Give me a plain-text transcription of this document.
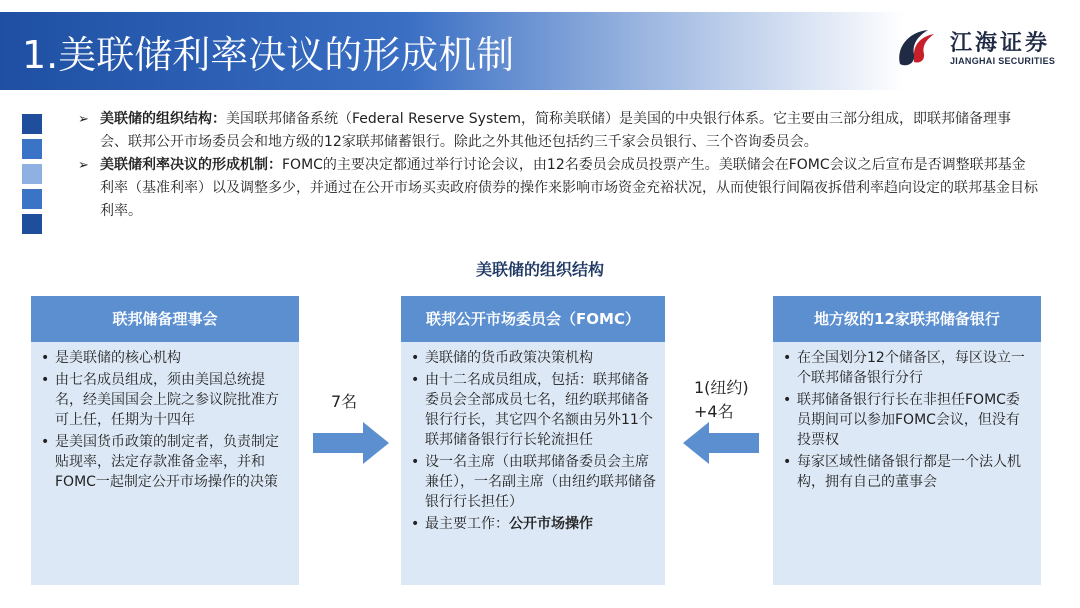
1.美联储利率决议的形成机制	江海证券
JIANGHAI SECURITIES
➢ 美联储的组织结构：美国联邦储备系统（Federal Reserve System，简称美联储）是美国的中央银行体系。它主要由三部分组成，即联邦储备理事会、联邦公开市场委员会和地方级的12家联邦储蓄银行。除此之外其他还包括约三千家会员银行、三个咨询委员会。
➢ 美联储利率决议的形成机制：FOMC的主要决定都通过举行讨论会议，由12名委员会成员投票产生。美联储会在FOMC会议之后宣布是否调整联邦基金利率（基准利率）以及调整多少，并通过在公开市场买卖政府债券的操作来影响市场资金充裕状况，从而使银行间隔夜拆借利率趋向设定的联邦基金目标利率。
美联储的组织结构
联邦储备理事会
• 是美联储的核心机构
• 由七名成员组成，须由美国总统提名，经美国国会上院之参议院批准方可上任，任期为十四年
• 是美国货币政策的制定者，负责制定贴现率，法定存款准备金率，并和FOMC一起制定公开市场操作的决策
联邦公开市场委员会（FOMC）
• 美联储的货币政策决策机构
• 由十二名成员组成，包括：联邦储备委员会全部成员七名，纽约联邦储备银行行长，其它四个名额由另外11个联邦储备银行行长轮流担任
• 设一名主席（由联邦储备委员会主席兼任），一名副主席（由纽约联邦储备银行行长担任）
• 最主要工作：公开市场操作
地方级的12家联邦储备银行
• 在全国划分12个储备区，每区设立一个联邦储备银行分行
• 联邦储备银行行长在非担任FOMC委员期间可以参加FOMC会议，但没有投票权
• 每家区域性储备银行都是一个法人机构，拥有自己的董事会
7名
1(纽约)
+4名
